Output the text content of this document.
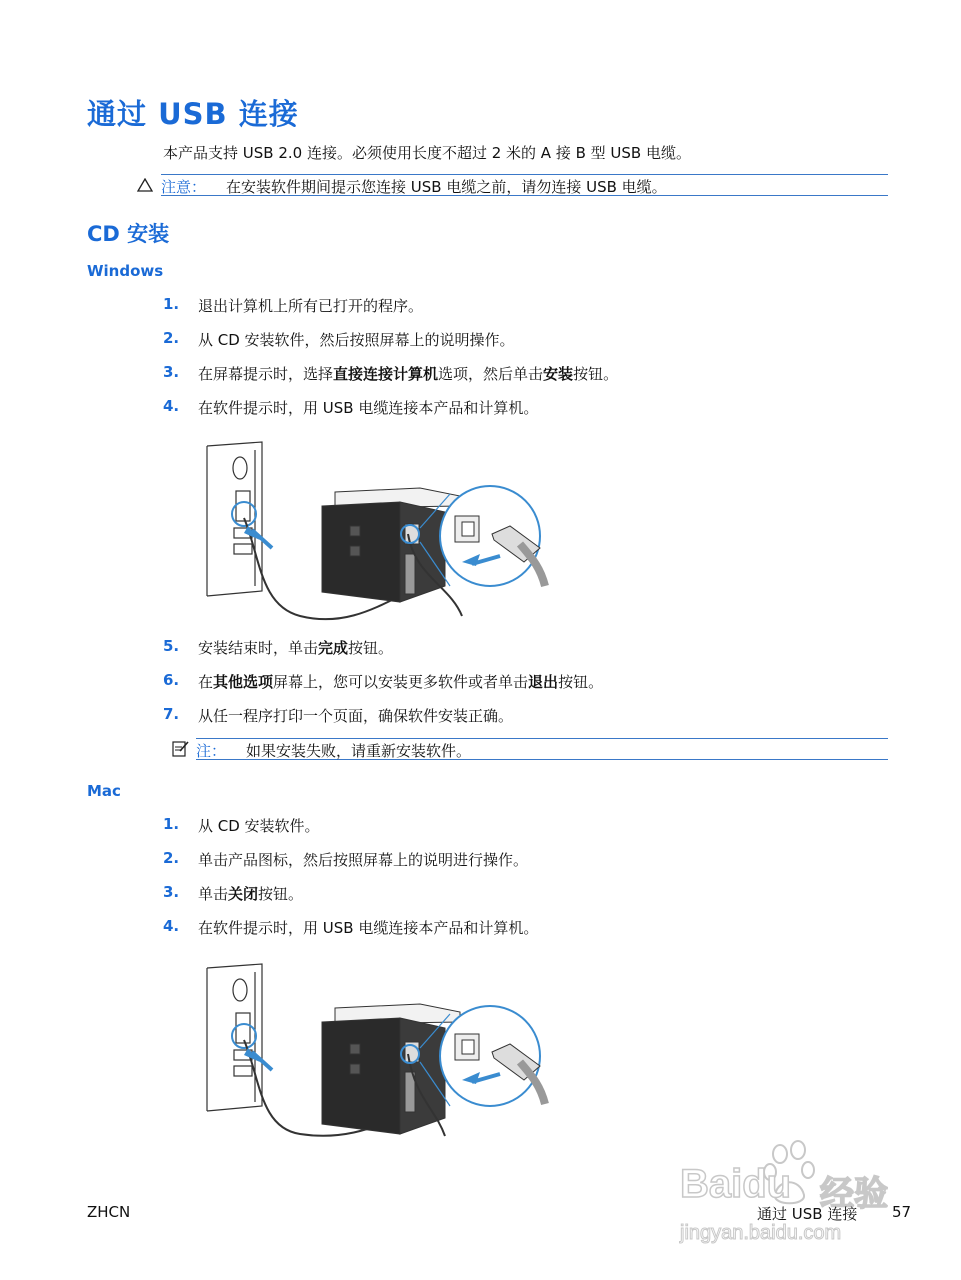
通过 USB 连接
本产品支持 USB 2.0 连接。必须使用长度不超过 2 米的 A 接 B 型 USB 电缆。
注意： 在安装软件期间提示您连接 USB 电缆之前，请勿连接 USB 电缆。
CD 安装
Windows
1. 退出计算机上所有已打开的程序。
2. 从 CD 安装软件，然后按照屏幕上的说明操作。
3. 在屏幕提示时，选择直接连接计算机选项，然后单击安装按钮。
4. 在软件提示时，用 USB 电缆连接本产品和计算机。
5. 安装结束时，单击完成按钮。
6. 在其他选项屏幕上，您可以安装更多软件或者单击退出按钮。
7. 从任一程序打印一个页面，确保软件安装正确。
注： 如果安装失败，请重新安装软件。
Mac
1. 从 CD 安装软件。
2. 单击产品图标，然后按照屏幕上的说明进行操作。
3. 单击关闭按钮。
4. 在软件提示时，用 USB 电缆连接本产品和计算机。
Baidu 经验
jingyan.baidu.com
ZHCN	通过 USB 连接 57
